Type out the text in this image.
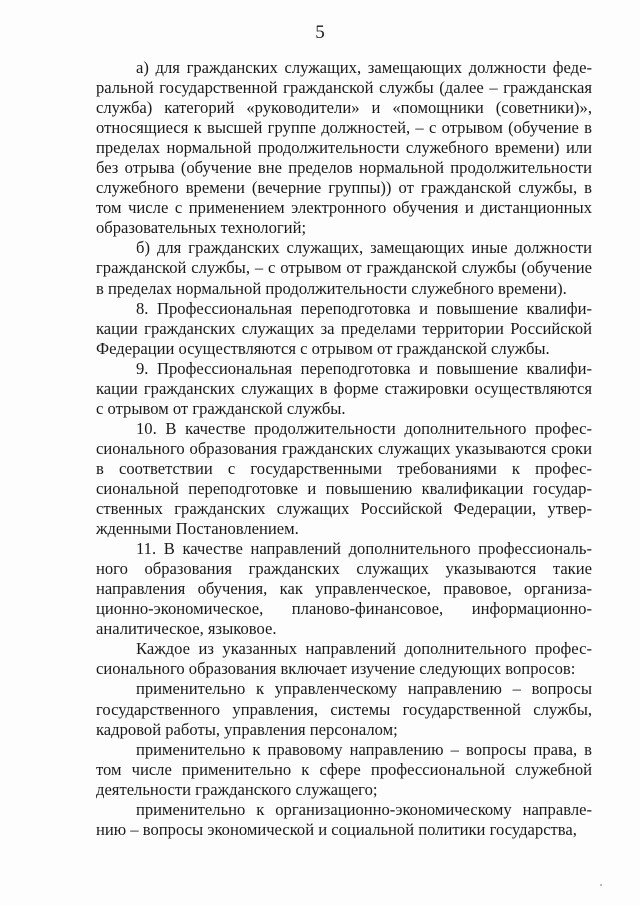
5

а) для гражданских служащих, замещающих должности федеральной государственной гражданской службы (далее – гражданская служба) категорий «руководители» и «помощники (советники)», относящиеся к высшей группе должностей, – с отрывом (обучение в пределах нормальной продолжительности служебного времени) или без отрыва (обучение вне пределов нормальной продолжительности служебного времени (вечерние группы)) от гражданской службы, в том числе с применением электронного обучения и дистанционных образовательных технологий;

б) для гражданских служащих, замещающих иные должности гражданской службы, – с отрывом от гражданской службы (обучение в пределах нормальной продолжительности служебного времени).

8. Профессиональная переподготовка и повышение квалификации гражданских служащих за пределами территории Российской Федерации осуществляются с отрывом от гражданской службы.

9. Профессиональная переподготовка и повышение квалификации гражданских служащих в форме стажировки осуществляются с отрывом от гражданской службы.

10. В качестве продолжительности дополнительного профессионального образования гражданских служащих указываются сроки в соответствии с государственными требованиями к профессиональной переподготовке и повышению квалификации государственных гражданских служащих Российской Федерации, утвержденными Постановлением.

11. В качестве направлений дополнительного профессионального образования гражданских служащих указываются такие направления обучения, как управленческое, правовое, организационно-экономическое, планово-финансовое, информационно-аналитическое, языковое.

Каждое из указанных направлений дополнительного профессионального образования включает изучение следующих вопросов:

применительно к управленческому направлению – вопросы государственного управления, системы государственной службы, кадровой работы, управления персоналом;

применительно к правовому направлению – вопросы права, в том числе применительно к сфере профессиональной служебной деятельности гражданского служащего;

применительно к организационно-экономическому направлению – вопросы экономической и социальной политики государства,
